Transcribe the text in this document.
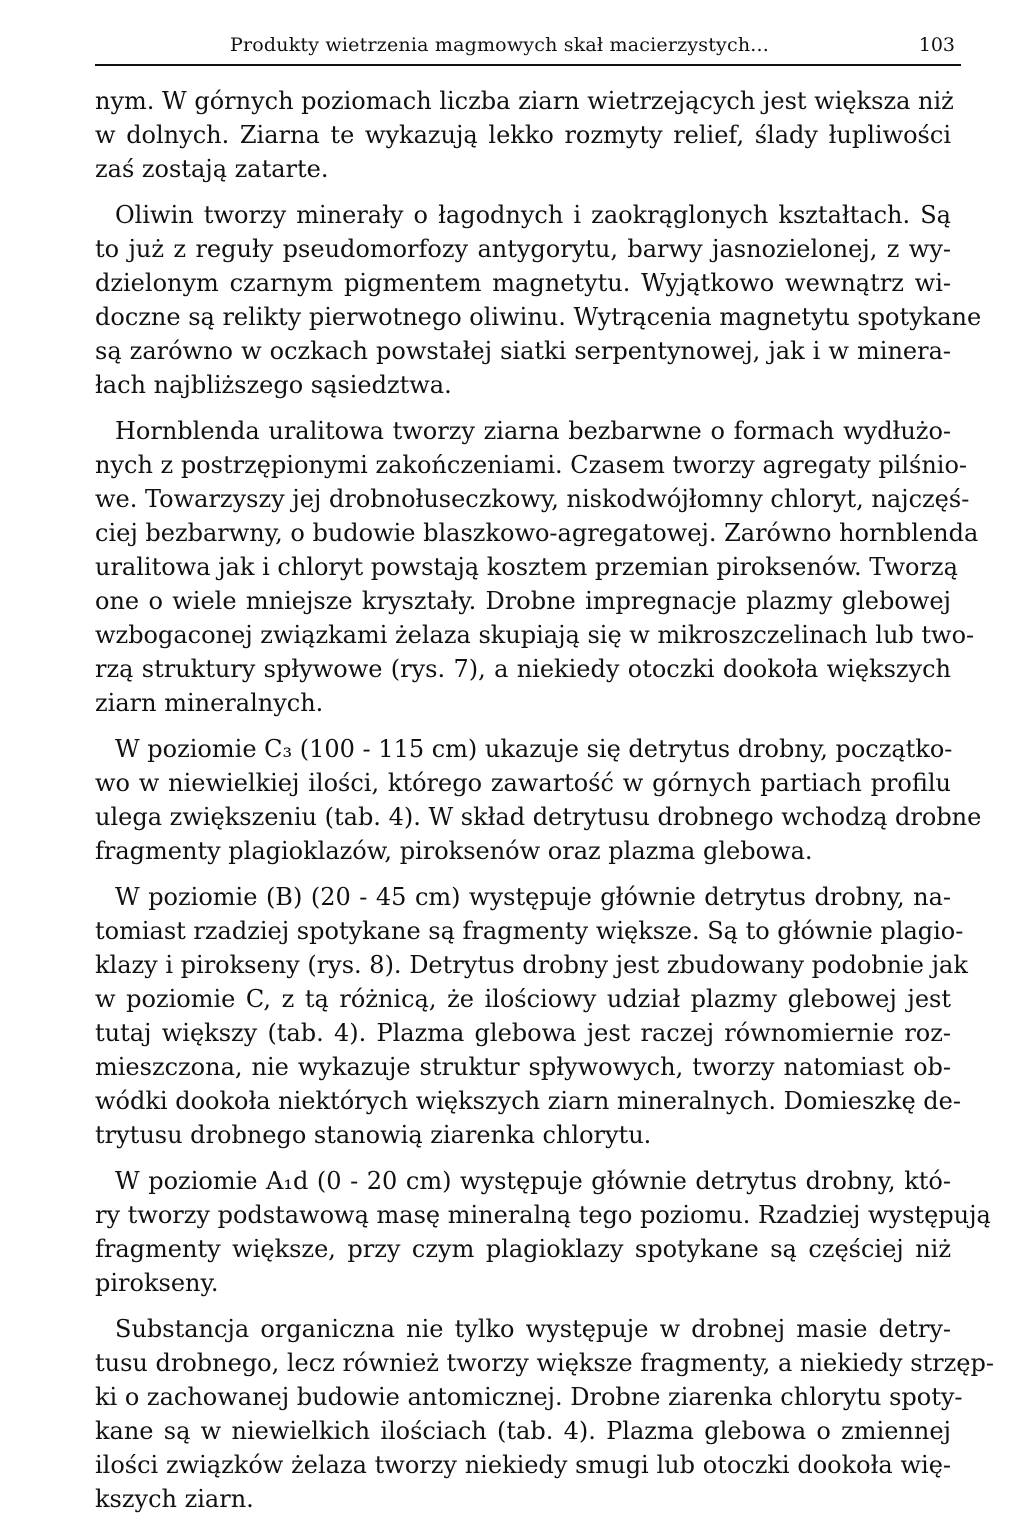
Produkty wietrzenia magmowych skał macierzystych...	103
nym. W górnych poziomach liczba ziarn wietrzejących jest większa niż
w dolnych. Ziarna te wykazują lekko rozmyty relief, ślady łupliwości
zaś zostają zatarte.
Oliwin tworzy minerały o łagodnych i zaokrąglonych kształtach. Są
to już z reguły pseudomorfozy antygorytu, barwy jasnozielonej, z wy-
dzielonym czarnym pigmentem magnetytu. Wyjątkowo wewnątrz wi-
doczne są relikty pierwotnego oliwinu. Wytrącenia magnetytu spotykane
są zarówno w oczkach powstałej siatki serpentynowej, jak i w minera-
łach najbliższego sąsiedztwa.
Hornblenda uralitowa tworzy ziarna bezbarwne o formach wydłużo-
nych z postrzępionymi zakończeniami. Czasem tworzy agregaty pilśnio-
we. Towarzyszy jej drobnołuseczkowy, niskodwójłomny chloryt, najczęś-
ciej bezbarwny, o budowie blaszkowo-agregatowej. Zarówno hornblenda
uralitowa jak i chloryt powstają kosztem przemian piroksenów. Tworzą
one o wiele mniejsze kryształy. Drobne impregnacje plazmy glebowej
wzbogaconej związkami żelaza skupiają się w mikroszczelinach lub two-
rzą struktury spływowe (rys. 7), a niekiedy otoczki dookoła większych
ziarn mineralnych.
W poziomie C₃ (100 - 115 cm) ukazuje się detrytus drobny, początko-
wo w niewielkiej ilości, którego zawartość w górnych partiach profilu
ulega zwiększeniu (tab. 4). W skład detrytusu drobnego wchodzą drobne
fragmenty plagioklazów, piroksenów oraz plazma glebowa.
W poziomie (B) (20 - 45 cm) występuje głównie detrytus drobny, na-
tomiast rzadziej spotykane są fragmenty większe. Są to głównie plagio-
klazy i pirokseny (rys. 8). Detrytus drobny jest zbudowany podobnie jak
w poziomie C, z tą różnicą, że ilościowy udział plazmy glebowej jest
tutaj większy (tab. 4). Plazma glebowa jest raczej równomiernie roz-
mieszczona, nie wykazuje struktur spływowych, tworzy natomiast ob-
wódki dookoła niektórych większych ziarn mineralnych. Domieszkę de-
trytusu drobnego stanowią ziarenka chlorytu.
W poziomie A₁d (0 - 20 cm) występuje głównie detrytus drobny, któ-
ry tworzy podstawową masę mineralną tego poziomu. Rzadziej występują
fragmenty większe, przy czym plagioklazy spotykane są częściej niż
pirokseny.
Substancja organiczna nie tylko występuje w drobnej masie detry-
tusu drobnego, lecz również tworzy większe fragmenty, a niekiedy strzęp-
ki o zachowanej budowie antomicznej. Drobne ziarenka chlorytu spoty-
kane są w niewielkich ilościach (tab. 4). Plazma glebowa o zmiennej
ilości związków żelaza tworzy niekiedy smugi lub otoczki dookoła wię-
kszych ziarn.
